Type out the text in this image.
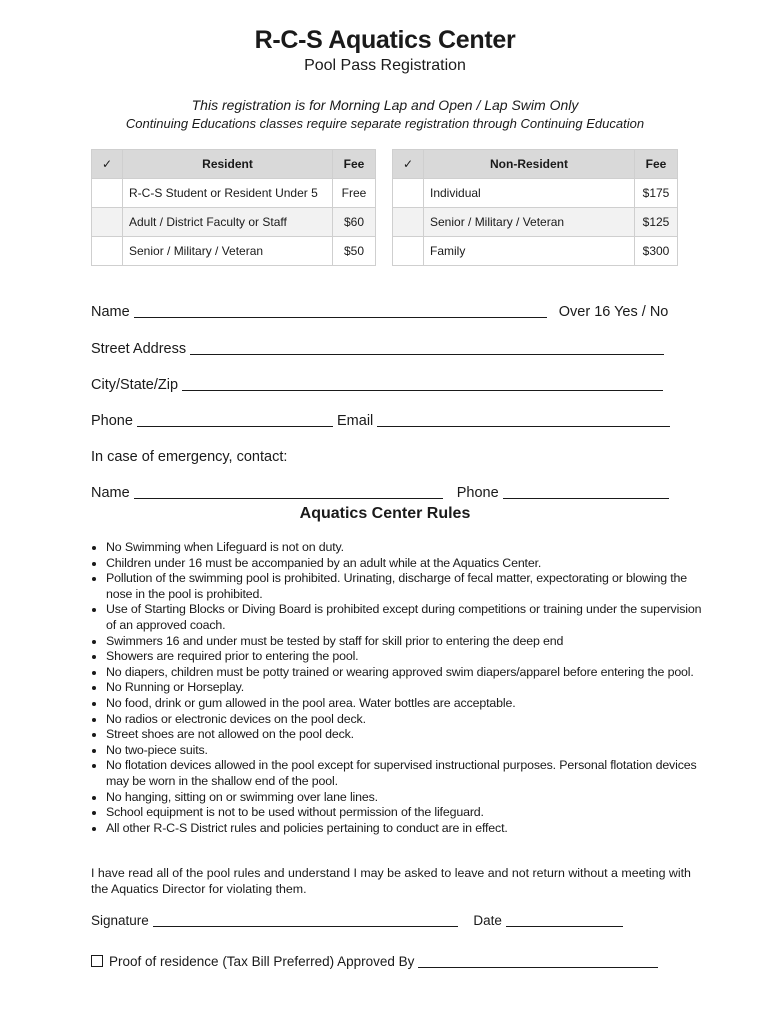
R-C-S Aquatics Center
Pool Pass Registration
This registration is for Morning Lap and Open / Lap Swim Only
Continuing Educations classes require separate registration through Continuing Education
✓	Resident	Fee
	R-C-S Student or Resident Under 5	Free
	Adult / District Faculty or Staff	$60
	Senior / Military / Veteran	$50
✓	Non-Resident	Fee
	Individual	$175
	Senior / Military / Veteran	$125
	Family	$300
Name	Over 16 Yes / No
Street Address
City/State/Zip
Phone	Email
In case of emergency, contact:
Name	Phone
Aquatics Center Rules
• No Swimming when Lifeguard is not on duty.
• Children under 16 must be accompanied by an adult while at the Aquatics Center.
• Pollution of the swimming pool is prohibited. Urinating, discharge of fecal matter, expectorating or blowing the nose in the pool is prohibited.
• Use of Starting Blocks or Diving Board is prohibited except during competitions or training under the supervision of an approved coach.
• Swimmers 16 and under must be tested by staff for skill prior to entering the deep end
• Showers are required prior to entering the pool.
• No diapers, children must be potty trained or wearing approved swim diapers/apparel before entering the pool.
• No Running or Horseplay.
• No food, drink or gum allowed in the pool area. Water bottles are acceptable.
• No radios or electronic devices on the pool deck.
• Street shoes are not allowed on the pool deck.
• No two-piece suits.
• No flotation devices allowed in the pool except for supervised instructional purposes. Personal flotation devices may be worn in the shallow end of the pool.
• No hanging, sitting on or swimming over lane lines.
• School equipment is not to be used without permission of the lifeguard.
• All other R-C-S District rules and policies pertaining to conduct are in effect.
I have read all of the pool rules and understand I may be asked to leave and not return without a meeting with the Aquatics Director for violating them.
Signature	Date
Proof of residence (Tax Bill Preferred) Approved By
